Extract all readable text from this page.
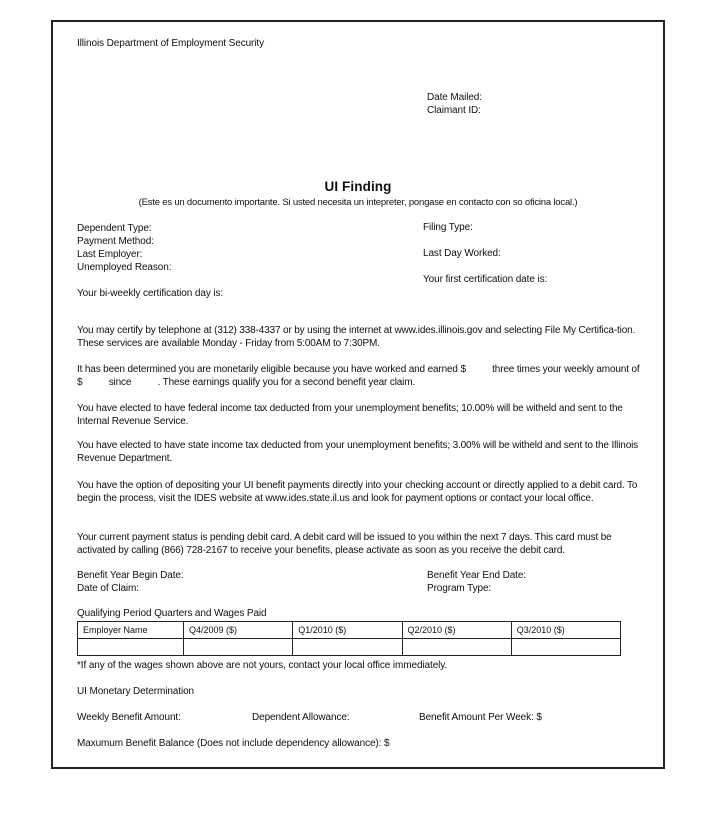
Illinois Department of Employment Security
Date Mailed:
Claimant ID:
UI Finding
(Este es un documento importante. Si usted necesita un intepreter, pongase en contacto con so oficina local.)
Dependent Type:
Payment Method:
Last Employer:
Unemployed Reason:
Your bi-weekly certification day is:
Filing Type:
Last Day Worked:
Your first certification date is:
You may certify by telephone at (312) 338-4337 or by using the internet at www.ides.illinois.gov and selecting File My Certifica-tion. These services are available Monday - Friday from 5:00AM to 7:30PM.
It has been determined you are monetarily eligible because you have worked and earned $          three times your weekly amount of $          since          . These earnings qualify you for a second benefit year claim.
You have elected to have federal income tax deducted from your unemployment benefits; 10.00% will be witheld and sent to the Internal Revenue Service.
You have elected to have state income tax deducted from your unemployment benefits; 3.00% will be witheld and sent to the Illinois Revenue Department.
You have the option of depositing your UI benefit payments directly into your checking account or directly applied to a debit card. To begin the process, visit the IDES website at www.ides.state.il.us and look for payment options or contact your local office.
Your current payment status is pending debit card. A debit card will be issued to you within the next 7 days. This card must be activated by calling (866) 728-2167 to receive your benefits, please activate as soon as you receive the debit card.
Benefit Year Begin Date:
Date of Claim:
Benefit Year End Date:
Program Type:
Qualifying Period Quarters and Wages Paid
Employer Name	Q4/2009 ($)	Q1/2010 ($)	Q2/2010 ($)	Q3/2010 ($)

*If any of the wages shown above are not yours, contact your local office immediately.
UI Monetary Determination
Weekly Benefit Amount:	Dependent Allowance:	Benefit Amount Per Week: $
Maxumum Benefit Balance (Does not include dependency allowance): $
